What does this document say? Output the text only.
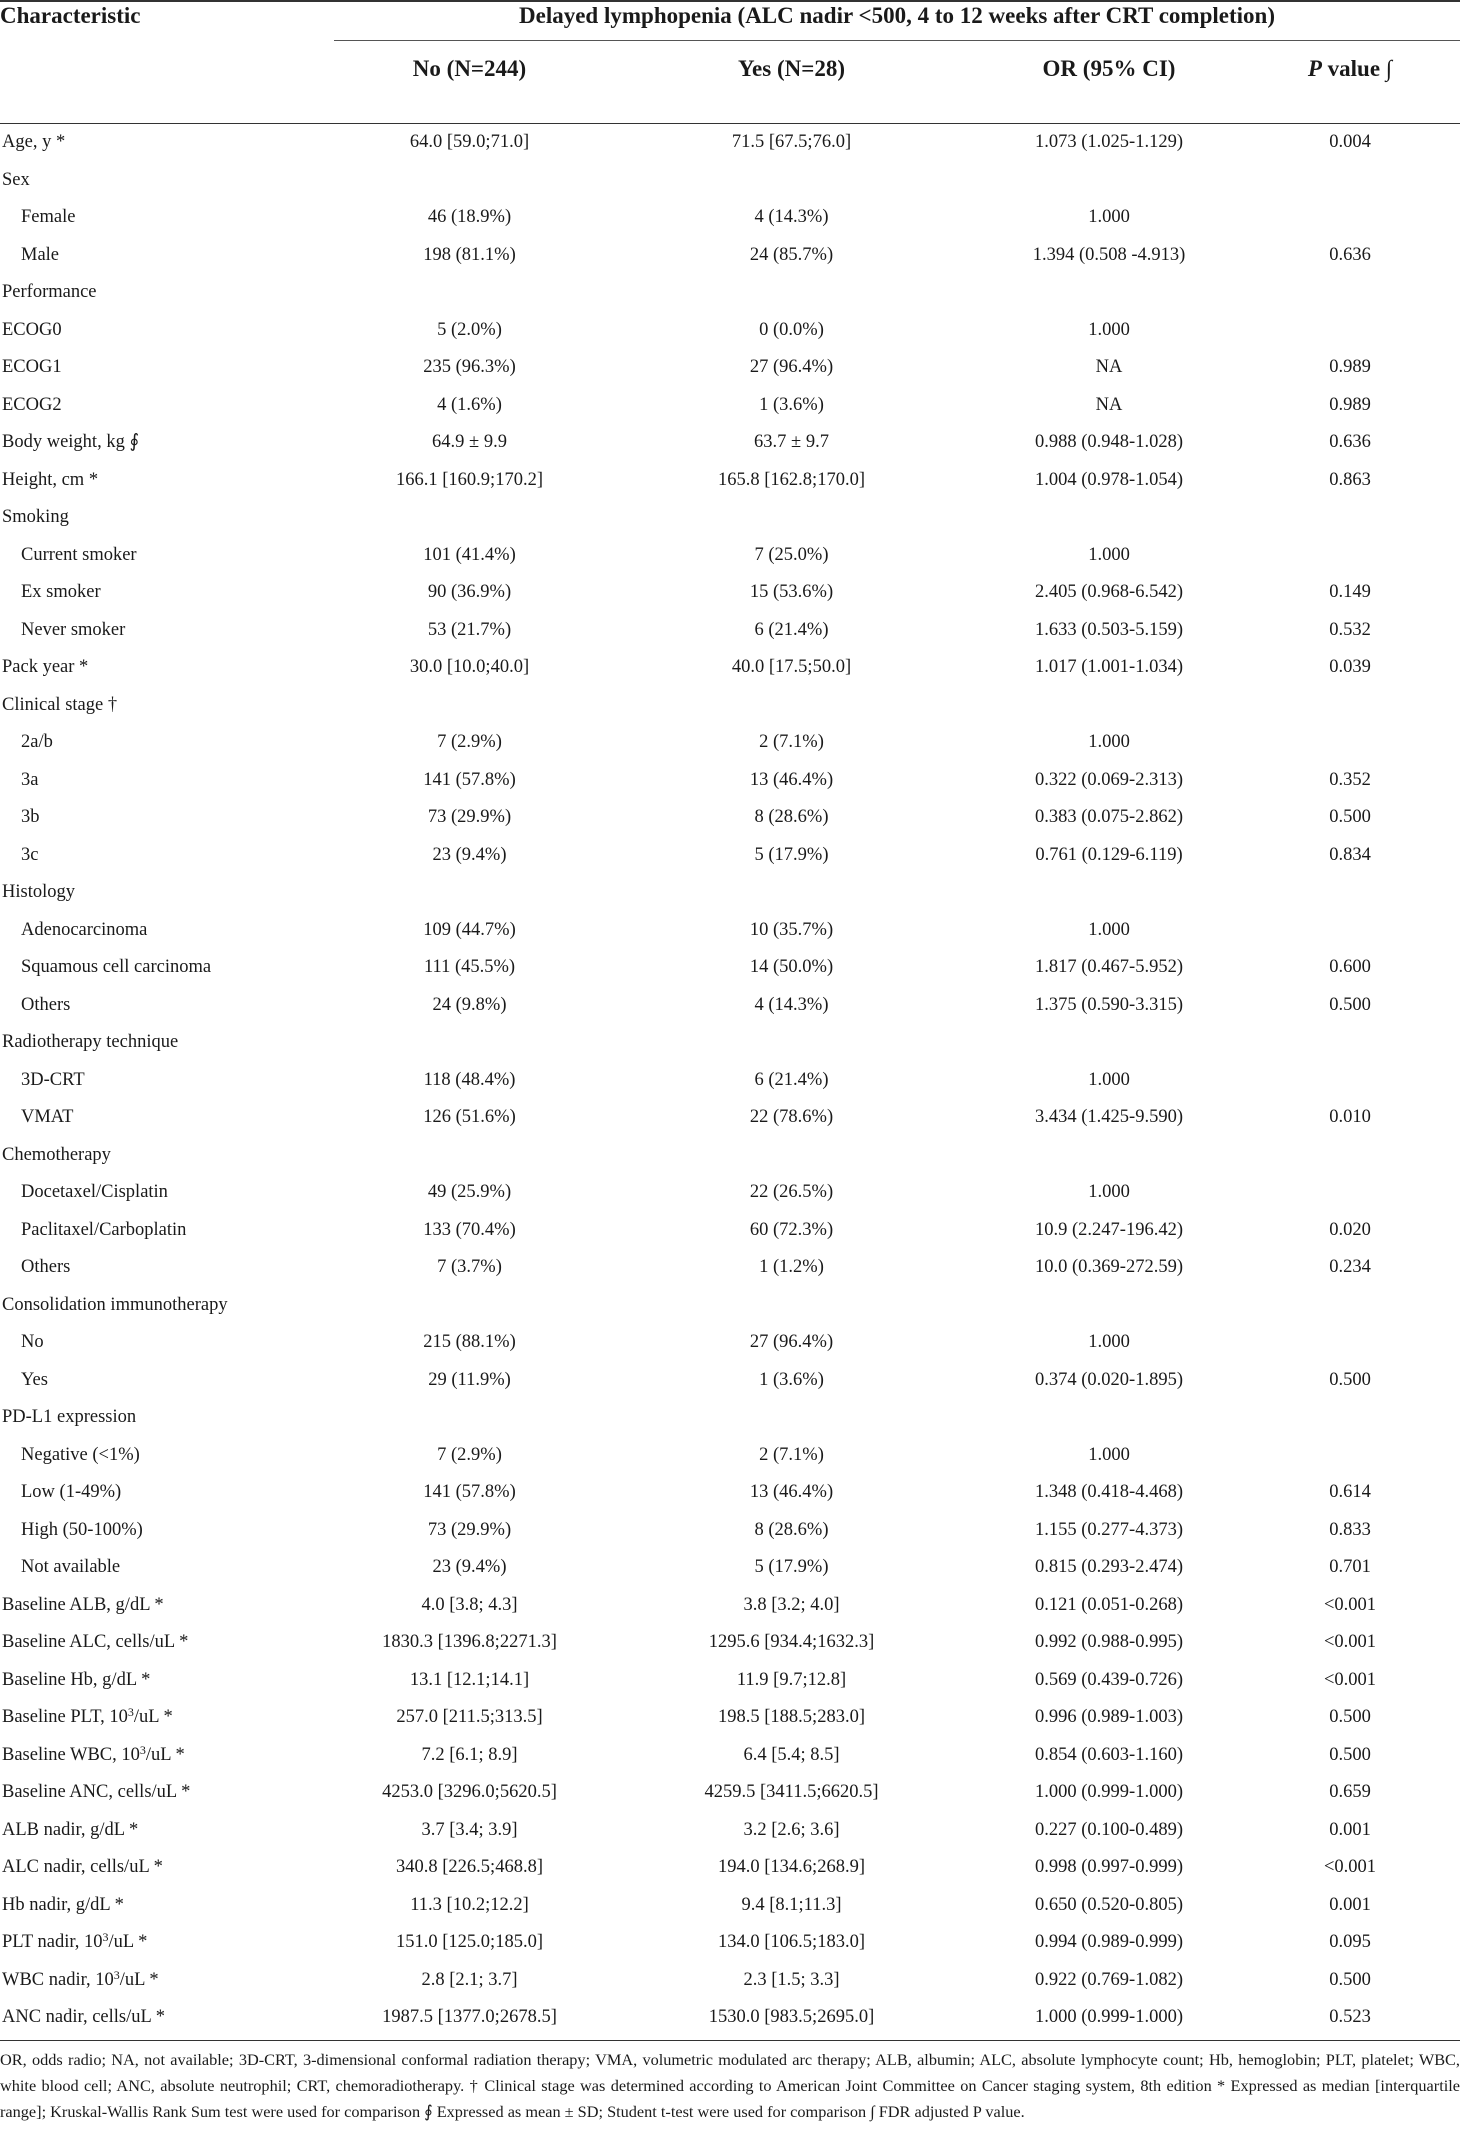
Characteristic	Delayed lymphopenia (ALC nadir <500, 4 to 12 weeks after CRT completion)
No (N=244)	Yes (N=28)	OR (95% CI)	P value ∫
Age, y *	64.0 [59.0;71.0]	71.5 [67.5;76.0]	1.073 (1.025-1.129)	0.004
Sex
Female	46 (18.9%)	4 (14.3%)	1.000
Male	198 (81.1%)	24 (85.7%)	1.394 (0.508 -4.913)	0.636
Performance
ECOG0	5 (2.0%)	0 (0.0%)	1.000
ECOG1	235 (96.3%)	27 (96.4%)	NA	0.989
ECOG2	4 (1.6%)	1 (3.6%)	NA	0.989
Body weight, kg ∮	64.9 ± 9.9	63.7 ± 9.7	0.988 (0.948-1.028)	0.636
Height, cm *	166.1 [160.9;170.2]	165.8 [162.8;170.0]	1.004 (0.978-1.054)	0.863
Smoking
Current smoker	101 (41.4%)	7 (25.0%)	1.000
Ex smoker	90 (36.9%)	15 (53.6%)	2.405 (0.968-6.542)	0.149
Never smoker	53 (21.7%)	6 (21.4%)	1.633 (0.503-5.159)	0.532
Pack year *	30.0 [10.0;40.0]	40.0 [17.5;50.0]	1.017 (1.001-1.034)	0.039
Clinical stage †
2a/b	7 (2.9%)	2 (7.1%)	1.000
3a	141 (57.8%)	13 (46.4%)	0.322 (0.069-2.313)	0.352
3b	73 (29.9%)	8 (28.6%)	0.383 (0.075-2.862)	0.500
3c	23 (9.4%)	5 (17.9%)	0.761 (0.129-6.119)	0.834
Histology
Adenocarcinoma	109 (44.7%)	10 (35.7%)	1.000
Squamous cell carcinoma	111 (45.5%)	14 (50.0%)	1.817 (0.467-5.952)	0.600
Others	24 (9.8%)	4 (14.3%)	1.375 (0.590-3.315)	0.500
Radiotherapy technique
3D-CRT	118 (48.4%)	6 (21.4%)	1.000
VMAT	126 (51.6%)	22 (78.6%)	3.434 (1.425-9.590)	0.010
Chemotherapy
Docetaxel/Cisplatin	49 (25.9%)	22 (26.5%)	1.000
Paclitaxel/Carboplatin	133 (70.4%)	60 (72.3%)	10.9 (2.247-196.42)	0.020
Others	7 (3.7%)	1 (1.2%)	10.0 (0.369-272.59)	0.234
Consolidation immunotherapy
No	215 (88.1%)	27 (96.4%)	1.000
Yes	29 (11.9%)	1 (3.6%)	0.374 (0.020-1.895)	0.500
PD-L1 expression
Negative (<1%)	7 (2.9%)	2 (7.1%)	1.000
Low (1-49%)	141 (57.8%)	13 (46.4%)	1.348 (0.418-4.468)	0.614
High (50-100%)	73 (29.9%)	8 (28.6%)	1.155 (0.277-4.373)	0.833
Not available	23 (9.4%)	5 (17.9%)	0.815 (0.293-2.474)	0.701
Baseline ALB, g/dL *	4.0 [3.8; 4.3]	3.8 [3.2; 4.0]	0.121 (0.051-0.268)	<0.001
Baseline ALC, cells/uL *	1830.3 [1396.8;2271.3]	1295.6 [934.4;1632.3]	0.992 (0.988-0.995)	<0.001
Baseline Hb, g/dL *	13.1 [12.1;14.1]	11.9 [9.7;12.8]	0.569 (0.439-0.726)	<0.001
Baseline PLT, $10^3/uL$ *	257.0 [211.5;313.5]	198.5 [188.5;283.0]	0.996 (0.989-1.003)	0.500
Baseline WBC, $10^3/uL$ *	7.2 [6.1; 8.9]	6.4 [5.4; 8.5]	0.854 (0.603-1.160)	0.500
Baseline ANC, cells/uL *	4253.0 [3296.0;5620.5]	4259.5 [3411.5;6620.5]	1.000 (0.999-1.000)	0.659
ALB nadir, g/dL *	3.7 [3.4; 3.9]	3.2 [2.6; 3.6]	0.227 (0.100-0.489)	0.001
ALC nadir, cells/uL *	340.8 [226.5;468.8]	194.0 [134.6;268.9]	0.998 (0.997-0.999)	<0.001
Hb nadir, g/dL *	11.3 [10.2;12.2]	9.4 [8.1;11.3]	0.650 (0.520-0.805)	0.001
PLT nadir, $10^3/uL$ *	151.0 [125.0;185.0]	134.0 [106.5;183.0]	0.994 (0.989-0.999)	0.095
WBC nadir, $10^3/uL$ *	2.8 [2.1; 3.7]	2.3 [1.5; 3.3]	0.922 (0.769-1.082)	0.500
ANC nadir, cells/uL *	1987.5 [1377.0;2678.5]	1530.0 [983.5;2695.0]	1.000 (0.999-1.000)	0.523
OR, odds radio; NA, not available; 3D-CRT, 3-dimensional conformal radiation therapy; VMA, volumetric modulated arc therapy; ALB, albumin; ALC, absolute lymphocyte count; Hb, hemoglobin; PLT, platelet; WBC, white blood cell; ANC, absolute neutrophil; CRT, chemoradiotherapy. † Clinical stage was determined according to American Joint Committee on Cancer staging system, 8th edition * Expressed as median [interquartile range]; Kruskal-Wallis Rank Sum test were used for comparison ∮ Expressed as mean ± SD; Student t-test were used for comparison ∫ FDR adjusted P value.
